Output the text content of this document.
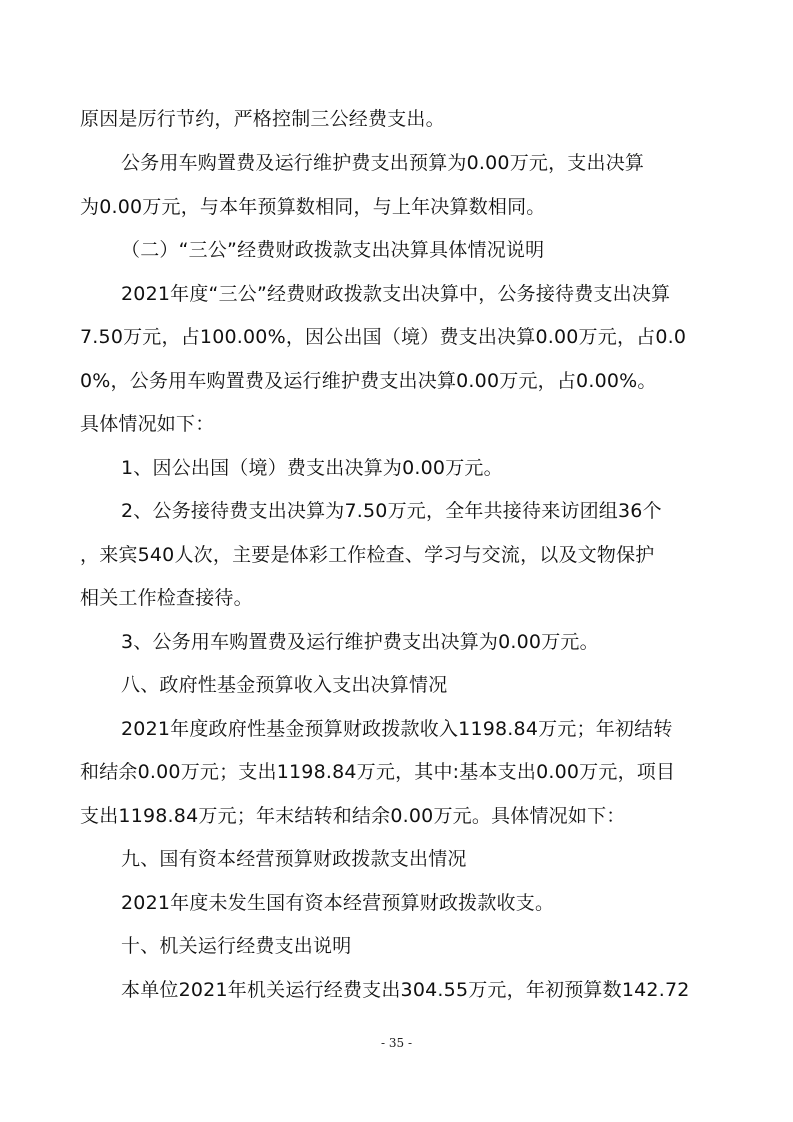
原因是厉行节约，严格控制三公经费支出。
公务用车购置费及运行维护费支出预算为0.00万元，支出决算
为0.00万元，与本年预算数相同，与上年决算数相同。
（二）“三公”经费财政拨款支出决算具体情况说明
2021年度“三公”经费财政拨款支出决算中，公务接待费支出决算
7.50万元，占100.00%，因公出国（境）费支出决算0.00万元，占0.0
0%，公务用车购置费及运行维护费支出决算0.00万元，占0.00%。
具体情况如下：
1、因公出国（境）费支出决算为0.00万元。
2、公务接待费支出决算为7.50万元，全年共接待来访团组36个
，来宾540人次，主要是体彩工作检查、学习与交流，以及文物保护
相关工作检查接待。
3、公务用车购置费及运行维护费支出决算为0.00万元。
八、政府性基金预算收入支出决算情况
2021年度政府性基金预算财政拨款收入1198.84万元；年初结转
和结余0.00万元；支出1198.84万元，其中:基本支出0.00万元，项目
支出1198.84万元；年末结转和结余0.00万元。具体情况如下：
九、国有资本经营预算财政拨款支出情况
2021年度未发生国有资本经营预算财政拨款收支。
十、机关运行经费支出说明
本单位2021年机关运行经费支出304.55万元，年初预算数142.72
- 35 -
